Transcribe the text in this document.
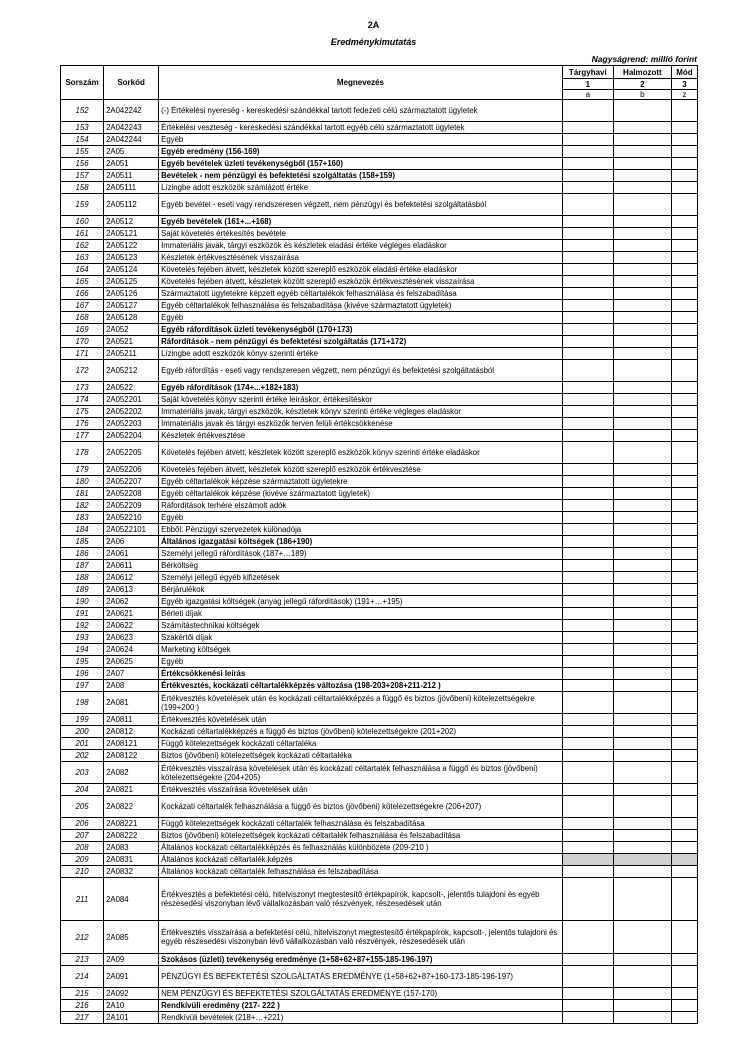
2A
Eredménykimutatás
Nagyságrend: millió forint
Sorszám	Sorkód	Megnevezés	Tárgyhavi	Halmozott	Mód
			1	2	3
			a	b	z
152	2A042242	(-) Értékelési nyereség - kereskedési szándékkal tartott fedezeti célú származtatott ügyletek			
153	2A042243	Értékelési veszteség - kereskedési szándékkal tartott egyéb célú származtatott ügyletek			
154	2A042244	Egyéb			
155	2A05	Egyéb eredmény (156-169)			
156	2A051	Egyéb bevételek üzleti tevékenységből (157+160)			
157	2A0511	Bevételek - nem pénzügyi és befektetési szolgáltatás (158+159)			
158	2A05111	Lízingbe adott eszközök számlázott értéke			
159	2A05112	Egyéb bevétel - eseti vagy rendszeresen végzett, nem pénzügyi és befektetési szolgáltatásból			
160	2A0512	Egyéb bevételek (161+...+168)			
161	2A05121	Saját követelés értékesítés bevétele			
162	2A05122	Immateriális javak, tárgyi eszközök és készletek eladási értéke végleges eladáskor			
163	2A05123	Készletek értékvesztésének visszaírása			
164	2A05124	Követelés fejében átvett, készletek között szereplő eszközök eladási értéke eladáskor			
165	2A05125	Követelés fejében átvett, készletek között szereplő eszközök értékvesztésének visszaírása			
166	2A05126	Származtatott ügyletekre képzett egyéb céltartalékok felhasználása és felszabadítása			
167	2A05127	Egyéb céltartalékok felhasználása és felszabadítása (kivéve származtatott ügyletek)			
168	2A05128	Egyéb			
169	2A052	Egyéb ráfordítások üzleti tevékenységből (170+173)			
170	2A0521	Ráfordítások - nem pénzügyi és befektetési szolgáltatás (171+172)			
171	2A05211	Lízingbe adott eszközök könyv szerinti értéke			
172	2A05212	Egyéb ráfordítás - eseti vagy rendszeresen végzett, nem pénzügyi és befektetési szolgáltatásból			
173	2A0522	Egyéb ráfordítások (174+...+182+183)			
174	2A052201	Saját követelés könyv szerinti értéke leíráskor, értékesítéskor			
175	2A052202	Immateriális javak, tárgyi eszközök, készletek könyv szerinti értéke végleges eladáskor			
176	2A052203	Immateriális javak és tárgyi eszközök terven felüli értékcsökkenése			
177	2A052204	Készletek értékvesztése			
178	2A052205	Követelés fejében átvett, készletek között szereplő eszközök könyv szerinti értéke eladáskor			
179	2A052206	Követelés fejében átvett, készletek között szereplő eszközök értékvesztése			
180	2A052207	Egyéb céltartalékok képzése származtatott ügyletekre			
181	2A052208	Egyéb céltartalékok képzése (kivéve származtatott ügyletek)			
182	2A052209	Ráfordítások terhére elszámolt adók			
183	2A052210	Egyéb			
184	2A0522101	Ebből: Pénzügyi szervezetek különadója			
185	2A06	Általános igazgatási költségek (186+190)			
186	2A061	Személyi jellegű ráfordítások (187+…189)			
187	2A0611	Bérköltség			
188	2A0612	Személyi jellegű egyéb kifizetések			
189	2A0613	Bérjárulékok			
190	2A062	Egyéb igazgatási költségek (anyag jellegű ráfordítások) (191+…+195)			
191	2A0621	Bérleti díjak			
192	2A0622	Számítástechnikai költségek			
193	2A0623	Szakértői díjak			
194	2A0624	Marketing költségek			
195	2A0625	Egyéb			
196	2A07	Értékcsökkenési leírás			
197	2A08	Értékvesztés, kockázati céltartalékképzés változása (198-203+208+211-212 )			
198	2A081	Értékvesztés követelések után és kockázati céltartalékképzés a függő és biztos (jövőbeni) kötelezettségekre (199+200 )			
199	2A0811	Értékvesztés követelések után			
200	2A0812	Kockázati céltartalékképzés a függő és biztos (jövőbeni) kötelezettségekre (201+202)			
201	2A08121	Függő kötelezettségek kockázati céltartaléka			
202	2A08122	Biztos (jövőbeni) kötelezettségek kockázati céltartaléka			
203	2A082	Értékvesztés visszaírása követelések után és kockázati céltartalék felhasználása a függő és biztos (jövőbeni) kötelezettségekre (204+205)			
204	2A0821	Értékvesztés visszaírása követelések után			
205	2A0822	Kockázati céltartalék felhasználása a függő és biztos (jövőbeni) kötelezettségekre (206+207)			
206	2A08221	Függő kötelezettségek kockázati céltartalék felhasználása és felszabadítása			
207	2A08222	Biztos (jövőbeni) kötelezettségek kockázati céltartalék felhasználása és felszabadítása			
208	2A083	Általános kockázati céltartalékképzés és felhasználás különbözete (209-210 )			
209	2A0831	Általános kockázati céltartalék képzés			
210	2A0832	Általános kockázati céltartalék felhasználása és felszabadítása			
211	2A084	Értékvesztés a befektetési célú, hitelviszonyt megtestesítő értékpapírok, kapcsolt-, jelentős tulajdoni és egyéb részesedési viszonyban lévő vállalkozásban való részvények, részesedések után			
212	2A085	Értékvesztés visszaírása a befektetési célú, hitelviszonyt megtestesítő értékpapírok, kapcsolt-, jelentős tulajdoni és egyéb részesedési viszonyban lévő vállalkozásban való részvények, részesedések után			
213	2A09	Szokásos (üzleti) tevékenység eredménye (1+58+62+87+155-185-196-197)			
214	2A091	PÉNZÜGYI ÉS BEFEKTETÉSI SZOLGÁLTATÁS EREDMÉNYE (1+58+62+87+160-173-185-196-197)			
215	2A092	NEM PÉNZÜGYI ÉS BEFEKTETÉSI SZOLGÁLTATÁS EREDMÉNYE (157-170)			
216	2A10	Rendkívüli eredmény (217- 222 )			
217	2A101	Rendkívüli bevételek (218+…+221)			
